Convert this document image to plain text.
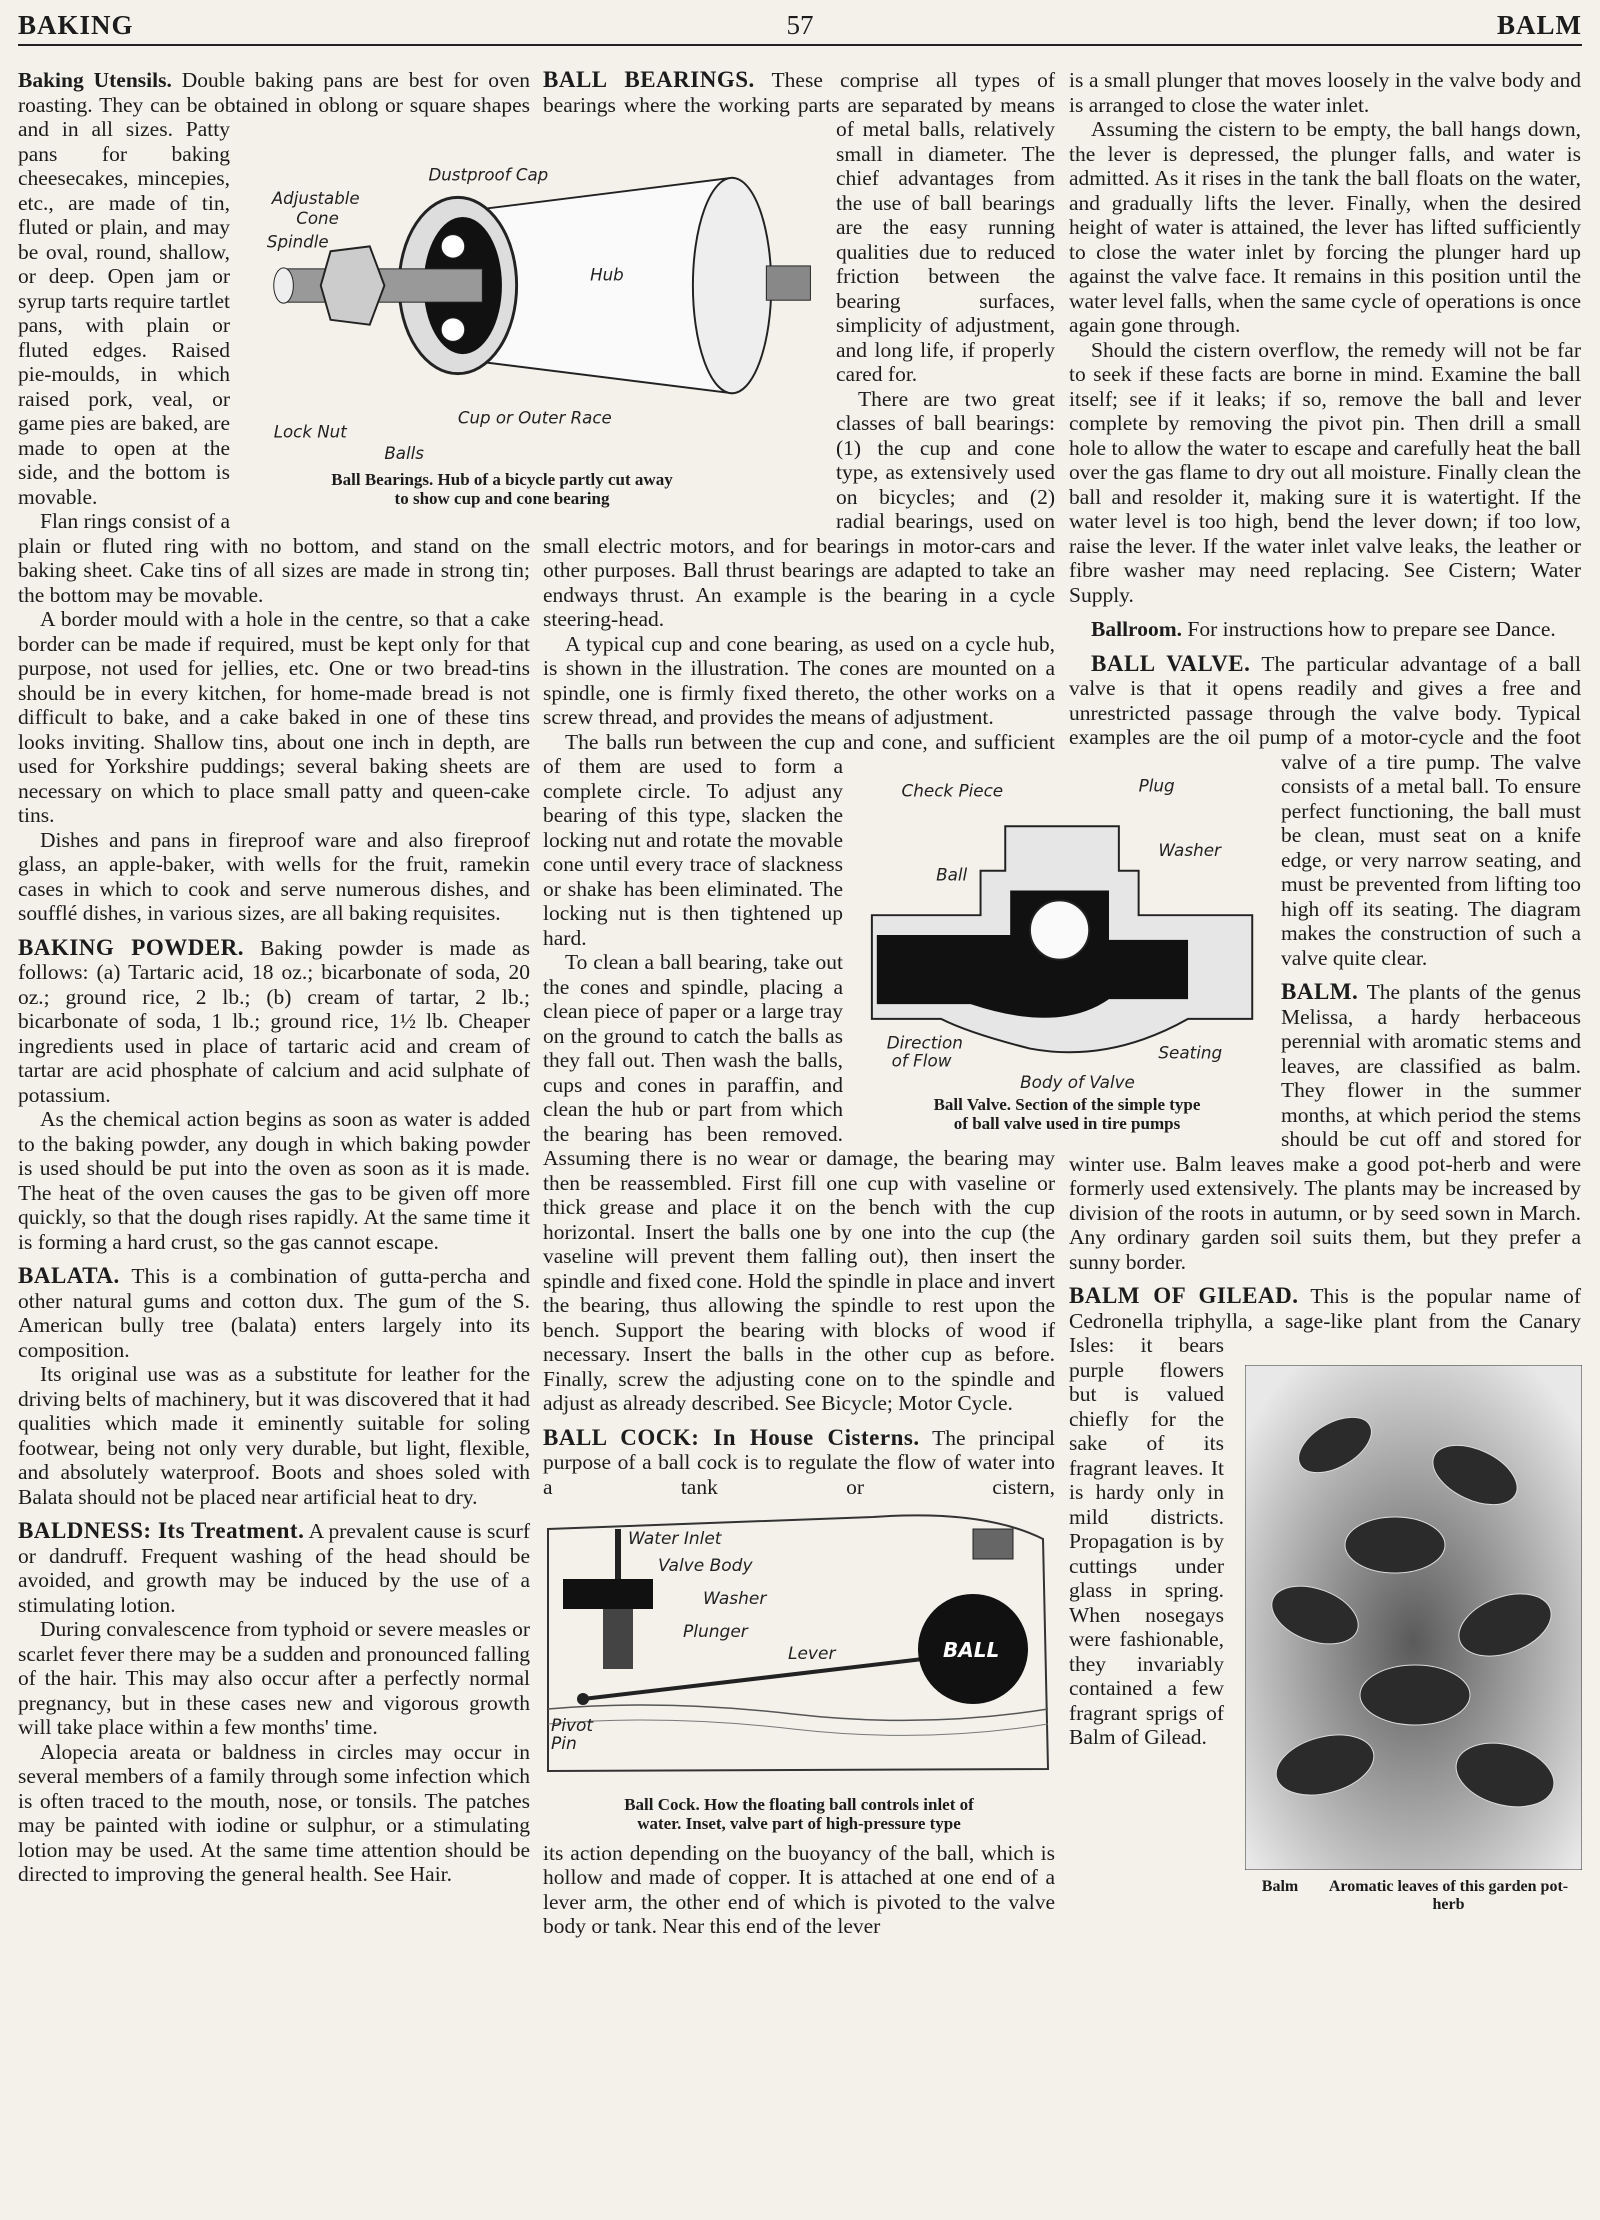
BAKING	57	BALM

Baking Utensils. Double baking pans are best for oven roasting. They can be obtained in oblong or square shapes and in all sizes. Patty pans for baking cheesecakes, mincepies, etc., are made of tin, fluted or plain, and may be oval, round, shallow, or deep. Open jam or syrup tarts require tartlet pans, with plain or fluted edges. Raised pie-moulds, in which raised pork, veal, or game pies are baked, are made to open at the side, and the bottom is movable.

Flan rings consist of a plain or fluted ring with no bottom, and stand on the baking sheet. Cake tins of all sizes are made in strong tin; the bottom may be movable.

A border mould with a hole in the centre, so that a cake border can be made if required, must be kept only for that purpose, not used for jellies, etc. One or two bread-tins should be in every kitchen, for home-made bread is not difficult to bake, and a cake baked in one of these tins looks inviting. Shallow tins, about one inch in depth, are used for Yorkshire puddings; several baking sheets are necessary on which to place small patty and queen-cake tins.

Dishes and pans in fireproof ware and also fireproof glass, an apple-baker, with wells for the fruit, ramekin cases in which to cook and serve numerous dishes, and soufflé dishes, in various sizes, are all baking requisites.

BAKING POWDER. Baking powder is made as follows: (a) Tartaric acid, 18 oz.; bicarbonate of soda, 20 oz.; ground rice, 2 lb.; (b) cream of tartar, 2 lb.; bicarbonate of soda, 1 lb.; ground rice, 1½ lb. Cheaper ingredients used in place of tartaric acid and cream of tartar are acid phosphate of calcium and acid sulphate of potassium.

As the chemical action begins as soon as water is added to the baking powder, any dough in which baking powder is used should be put into the oven as soon as it is made. The heat of the oven causes the gas to be given off more quickly, so that the dough rises rapidly. At the same time it is forming a hard crust, so the gas cannot escape.

BALATA. This is a combination of gutta-percha and other natural gums and cotton dux. The gum of the S. American bully tree (balata) enters largely into its composition.

Its original use was as a substitute for leather for the driving belts of machinery, but it was discovered that it had qualities which made it eminently suitable for soling footwear, being not only very durable, but light, flexible, and absolutely waterproof. Boots and shoes soled with Balata should not be placed near artificial heat to dry.

BALDNESS: Its Treatment. A prevalent cause is scurf or dandruff. Frequent washing of the head should be avoided, and growth may be induced by the use of a stimulating lotion.

During convalescence from typhoid or severe measles or scarlet fever there may be a sudden and pronounced falling of the hair. This may also occur after a perfectly normal pregnancy, but in these cases new and vigorous growth will take place within a few months' time.

Alopecia areata or baldness in circles may occur in several members of a family through some infection which is often traced to the mouth, nose, or tonsils. The patches may be painted with iodine or sulphur, or a stimulating lotion may be used. At the same time attention should be directed to improving the general health. See Hair.

BALL BEARINGS. These comprise all types of bearings where the working parts are separated by means of metal balls, relatively small in diameter. The chief advantages from the use of ball bearings are the easy running qualities due to reduced friction between the bearing surfaces, simplicity of adjustment, and long life, if properly cared for.

There are two great classes of ball bearings: (1) the cup and cone type, as extensively used on bicycles; and (2) radial bearings, used on small electric motors, and for bearings in motor-cars and other purposes. Ball thrust bearings are adapted to take an endways thrust. An example is the bearing in a cycle steering-head.

A typical cup and cone bearing, as used on a cycle hub, is shown in the illustration. The cones are mounted on a spindle, one is firmly fixed thereto, the other works on a screw thread, and provides the means of adjustment.

The balls run between the cup and cone, and sufficient of them are used to form a complete circle. To adjust any bearing of this type, slacken the locking nut and rotate the movable cone until every trace of slackness or shake has been eliminated. The locking nut is then tightened up hard.

To clean a ball bearing, take out the cones and spindle, placing a clean piece of paper or a large tray on the ground to catch the balls as they fall out. Then wash the balls, cups and cones in paraffin, and clean the hub or part from which the bearing has been removed. Assuming there is no wear or damage, the bearing may then be reassembled. First fill one cup with vaseline or thick grease and place it on the bench with the cup horizontal. Insert the balls one by one into the cup (the vaseline will prevent them falling out), then insert the spindle and fixed cone. Hold the spindle in place and invert the bearing, thus allowing the spindle to rest upon the bench. Support the bearing with blocks of wood if necessary. Insert the balls in the other cup as before. Finally, screw the adjusting cone on to the spindle and adjust as already described. See Bicycle; Motor Cycle.

BALL COCK: In House Cisterns. The principal purpose of a ball cock is to regulate the flow of water into a tank or cistern,

BALL
Water Inlet
Valve Body
Washer
Plunger
Lever
Pivot
Pin
Ball Cock. How the floating ball controls inlet of
water. Inset, valve part of high-pressure type

its action depending on the buoyancy of the ball, which is hollow and made of copper. It is attached at one end of a lever arm, the other end of which is pivoted to the valve body or tank. Near this end of the lever

is a small plunger that moves loosely in the valve body and is arranged to close the water inlet.

Assuming the cistern to be empty, the ball hangs down, the lever is depressed, the plunger falls, and water is admitted. As it rises in the tank the ball floats on the water, and gradually lifts the lever. Finally, when the desired height of water is attained, the lever has lifted sufficiently to close the water inlet by forcing the plunger hard up against the valve face. It remains in this position until the water level falls, when the same cycle of operations is once again gone through.

Should the cistern overflow, the remedy will not be far to seek if these facts are borne in mind. Examine the ball itself; see if it leaks; if so, remove the ball and lever complete by removing the pivot pin. Then drill a small hole to allow the water to escape and carefully heat the ball over the gas flame to dry out all moisture. Finally clean the ball and resolder it, making sure it is watertight. If the water level is too high, bend the lever down; if too low, raise the lever. If the water inlet valve leaks, the leather or fibre washer may need replacing. See Cistern; Water Supply.

Ballroom. For instructions how to prepare see Dance.

BALL VALVE. The particular advantage of a ball valve is that it opens readily and gives a free and unrestricted passage through the valve body. Typical examples are the oil pump of a motor-cycle and the foot valve of a tire pump. The valve consists of a metal ball. To ensure perfect functioning, the ball must be clean, must seat on a knife edge, or very narrow seating, and must be prevented from lifting too high off its seating. The diagram makes the construction of such a valve quite clear.

BALM. The plants of the genus Melissa, a hardy herbaceous perennial with aromatic stems and leaves, are classified as balm. They flower in the summer months, at which period the stems should be cut off and stored for winter use. Balm leaves make a good pot-herb and were formerly used extensively. The plants may be increased by division of the roots in autumn, or by seed sown in March. Any ordinary garden soil suits them, but they prefer a sunny border.

BALM OF GILEAD. This is the popular name of Cedronella triphylla, a sage-like plant from the Canary Isles: it bears purple flowers but is valued chiefly for the sake of its fragrant leaves. It is hardy only in mild districts. Propagation is by cuttings under glass in spring. When nosegays were fashionable, they invariably contained a few fragrant sprigs of Balm of Gilead.

Dustproof Cap
Adjustable
Cone
Spindle
Hub
Lock Nut
Cup or Outer Race
Balls
Ball Bearings. Hub of a bicycle partly cut away
to show cup and cone bearing
Check Piece	Plug
Washer
Ball
Direction
of Flow	Seating
Body of Valve
Ball Valve. Section of the simple type
of ball valve used in tire pumps
Balm	Aromatic leaves of this garden pot-herb
